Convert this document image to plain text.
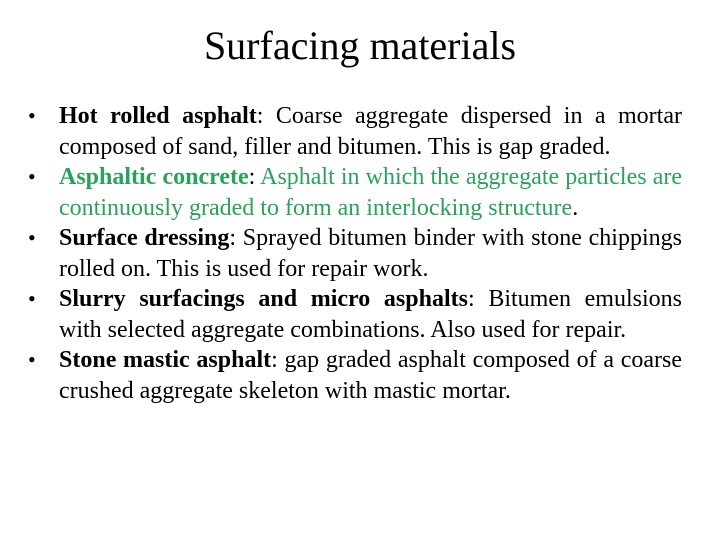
Surfacing materials
• Hot rolled asphalt: Coarse aggregate dispersed in a mortar composed of sand, filler and bitumen. This is gap graded.
• Asphaltic concrete: Asphalt in which the aggregate particles are continuously graded to form an interlocking structure.
• Surface dressing: Sprayed bitumen binder with stone chippings rolled on. This is used for repair work.
• Slurry surfacings and micro asphalts: Bitumen emulsions with selected aggregate combinations. Also used for repair.
• Stone mastic asphalt: gap graded asphalt composed of a coarse crushed aggregate skeleton with mastic mortar.
